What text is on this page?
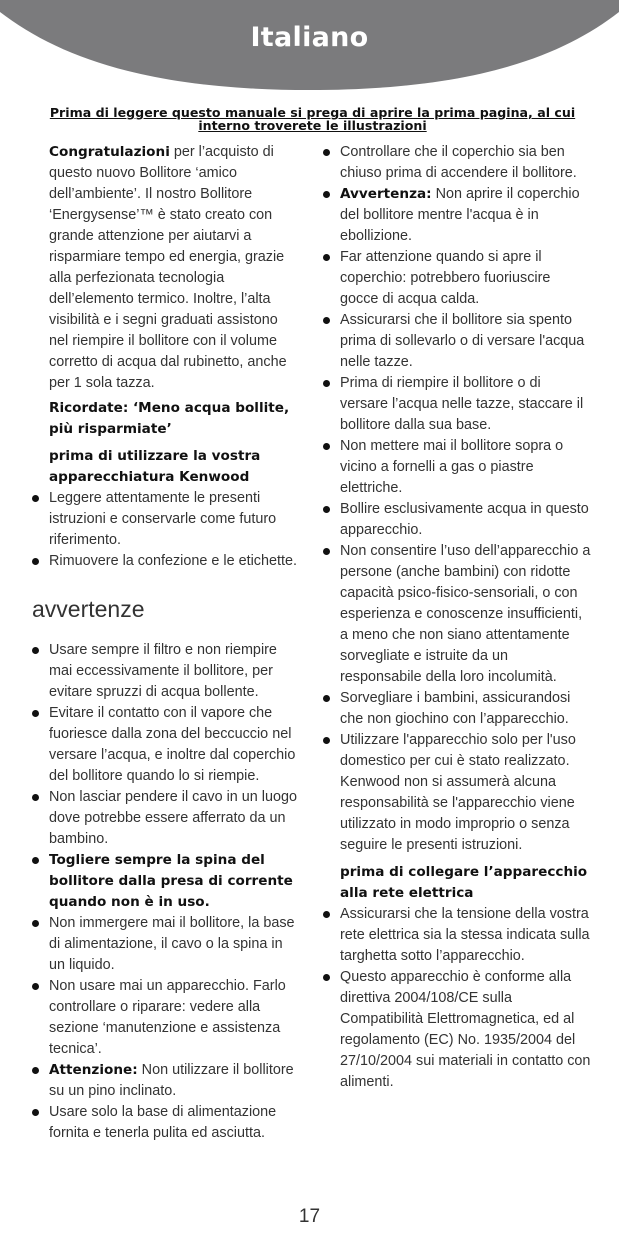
Italiano
Prima di leggere questo manuale si prega di aprire la prima pagina, al cui interno troverete le illustrazioni

Congratulazioni per l’acquisto di questo nuovo Bollitore ‘amico dell’ambiente’. Il nostro Bollitore ‘Energysense’™ è stato creato con grande attenzione per aiutarvi a risparmiare tempo ed energia, grazie alla perfezionata tecnologia dell’elemento termico. Inoltre, l’alta visibilità e i segni graduati assistono nel riempire il bollitore con il volume corretto di acqua dal rubinetto, anche per 1 sola tazza.

Ricordate: ‘Meno acqua bollite, più risparmiate’
prima di utilizzare la vostra apparecchiatura Kenwood
Leggere attentamente le presenti istruzioni e conservarle come futuro riferimento.
Rimuovere la confezione e le etichette.
avvertenze
Usare sempre il filtro e non riempire mai eccessivamente il bollitore, per evitare spruzzi di acqua bollente.
Evitare il contatto con il vapore che fuoriesce dalla zona del beccuccio nel versare l’acqua, e inoltre dal coperchio del bollitore quando lo si riempie.
Non lasciar pendere il cavo in un luogo dove potrebbe essere afferrato da un bambino.
Togliere sempre la spina del bollitore dalla presa di corrente quando non è in uso.
Non immergere mai il bollitore, la base di alimentazione, il cavo o la spina in un liquido.
Non usare mai un apparecchio. Farlo controllare o riparare: vedere alla sezione ‘manutenzione e assistenza tecnica’.
Attenzione: Non utilizzare il bollitore su un pino inclinato.
Usare solo la base di alimentazione fornita e tenerla pulita ed asciutta.
Controllare che il coperchio sia ben chiuso prima di accendere il bollitore.
Avvertenza: Non aprire il coperchio del bollitore mentre l'acqua è in ebollizione.
Far attenzione quando si apre il coperchio: potrebbero fuoriuscire gocce di acqua calda.
Assicurarsi che il bollitore sia spento prima di sollevarlo o di versare l'acqua nelle tazze.
Prima di riempire il bollitore o di versare l’acqua nelle tazze, staccare il bollitore dalla sua base.
Non mettere mai il bollitore sopra o vicino a fornelli a gas o piastre elettriche.
Bollire esclusivamente acqua in questo apparecchio.
Non consentire l’uso dell’apparecchio a persone (anche bambini) con ridotte capacità psico-fisico-sensoriali, o con esperienza e conoscenze insufficienti, a meno che non siano attentamente sorvegliate e istruite da un responsabile della loro incolumità.
Sorvegliare i bambini, assicurandosi che non giochino con l’apparecchio.
Utilizzare l'apparecchio solo per l'uso domestico per cui è stato realizzato. Kenwood non si assumerà alcuna responsabilità se l'apparecchio viene utilizzato in modo improprio o senza seguire le presenti istruzioni.
prima di collegare l’apparecchio alla rete elettrica
Assicurarsi che la tensione della vostra rete elettrica sia la stessa indicata sulla targhetta sotto l’apparecchio.
Questo apparecchio è conforme alla direttiva 2004/108/CE sulla Compatibilità Elettromagnetica, ed al regolamento (EC) No. 1935/2004 del 27/10/2004 sui materiali in contatto con alimenti.
17
